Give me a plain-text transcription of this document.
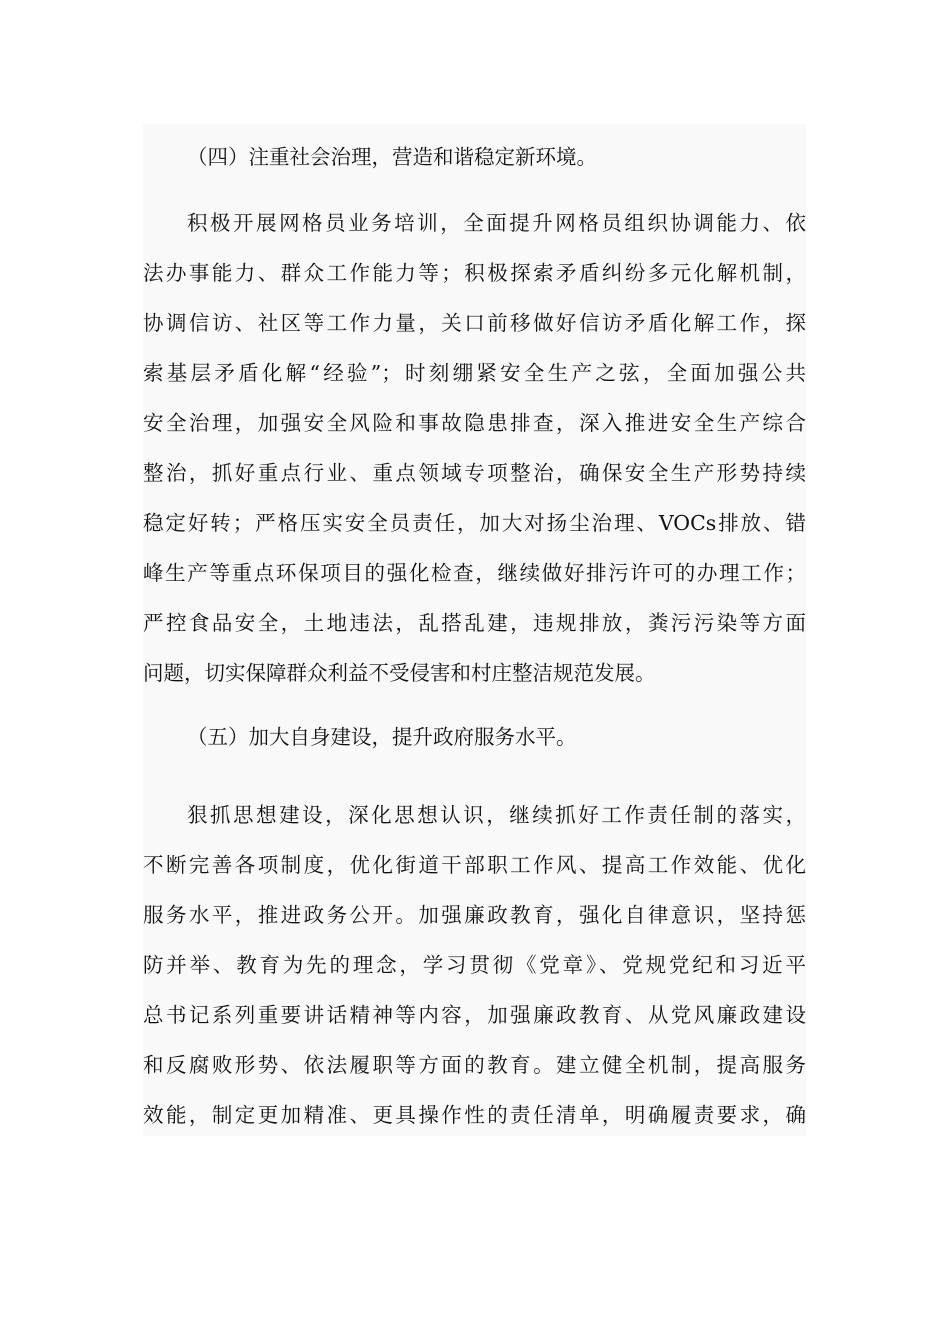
（四）注重社会治理，营造和谐稳定新环境。
积极开展网格员业务培训，全面提升网格员组织协调能力、依
法办事能力、群众工作能力等；积极探索矛盾纠纷多元化解机制，
协调信访、社区等工作力量，关口前移做好信访矛盾化解工作，探
索基层矛盾化解“经验”；时刻绷紧安全生产之弦，全面加强公共
安全治理，加强安全风险和事故隐患排查，深入推进安全生产综合
整治，抓好重点行业、重点领域专项整治，确保安全生产形势持续
稳定好转；严格压实安全员责任，加大对扬尘治理、VOCs排放、错
峰生产等重点环保项目的强化检查，继续做好排污许可的办理工作；
严控食品安全，土地违法，乱搭乱建，违规排放，粪污污染等方面
问题，切实保障群众利益不受侵害和村庄整洁规范发展。
（五）加大自身建设，提升政府服务水平。
狠抓思想建设，深化思想认识，继续抓好工作责任制的落实，
不断完善各项制度，优化街道干部职工作风、提高工作效能、优化
服务水平，推进政务公开。加强廉政教育，强化自律意识，坚持惩
防并举、教育为先的理念，学习贯彻《党章》、党规党纪和习近平
总书记系列重要讲话精神等内容，加强廉政教育、从党风廉政建设
和反腐败形势、依法履职等方面的教育。建立健全机制，提高服务
效能，制定更加精准、更具操作性的责任清单，明确履责要求，确
